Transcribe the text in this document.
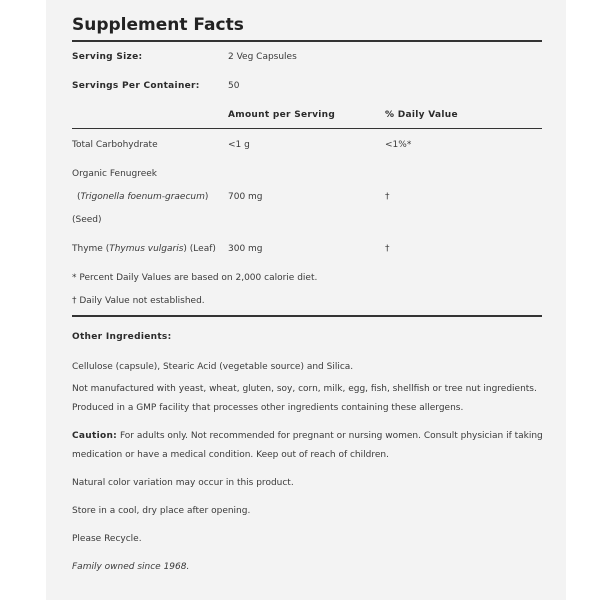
Supplement Facts
Serving Size:	2 Veg Capsules
Servings Per Container:	50
Amount per Serving	% Daily Value
Total Carbohydrate	<1 g	<1%*
Organic Fenugreek
(Trigonella foenum-graecum) 700 mg	†
(Seed)
Thyme (Thymus vulgaris) (Leaf) 300 mg	†
* Percent Daily Values are based on 2,000 calorie diet.
† Daily Value not established.
Other Ingredients:
Cellulose (capsule), Stearic Acid (vegetable source) and Silica.
Not manufactured with yeast, wheat, gluten, soy, corn, milk, egg, fish, shellfish or tree nut ingredients.
Produced in a GMP facility that processes other ingredients containing these allergens.
Caution: For adults only. Not recommended for pregnant or nursing women. Consult physician if taking
medication or have a medical condition. Keep out of reach of children.
Natural color variation may occur in this product.
Store in a cool, dry place after opening.
Please Recycle.
Family owned since 1968.
